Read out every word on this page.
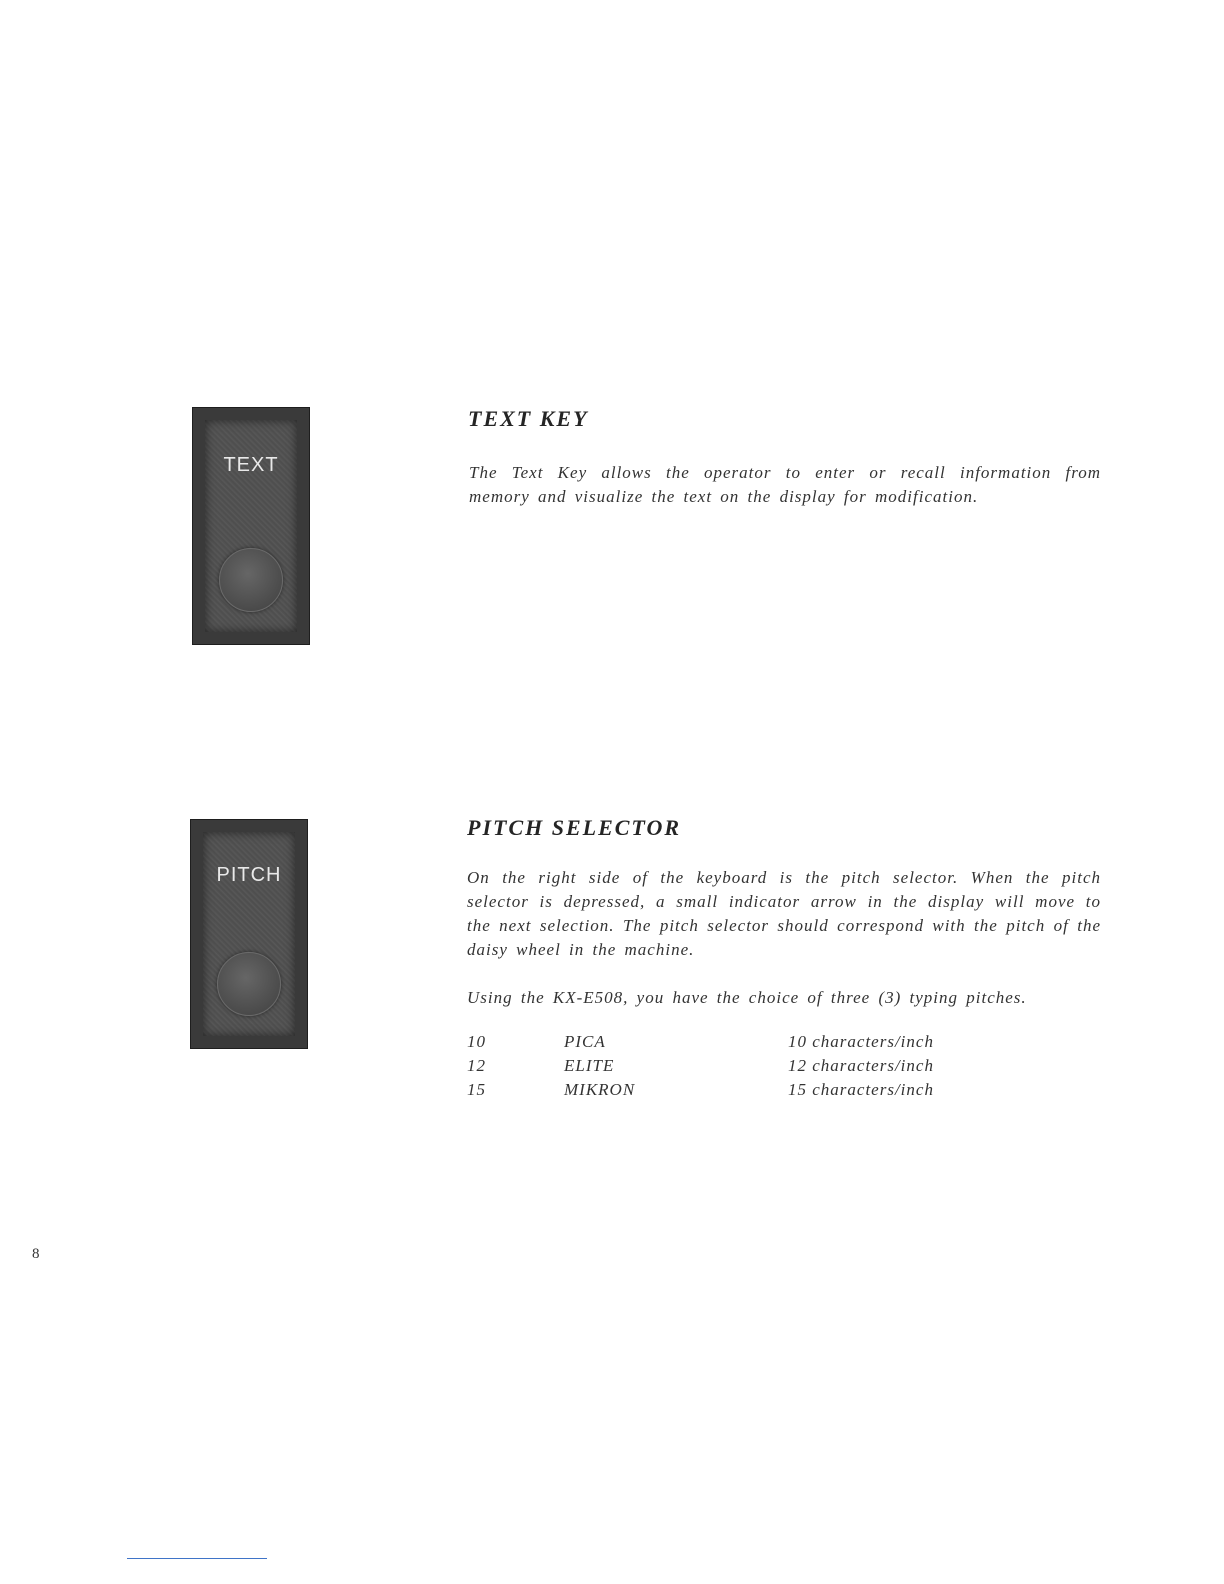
TEXT
TEXT KEY

The Text Key allows the operator to enter or recall information from memory and visualize the text on the display for modification.

PITCH
PITCH SELECTOR

On the right side of the keyboard is the pitch selector. When the pitch selector is depressed, a small indicator arrow in the display will move to the next selection. The pitch selector should correspond with the pitch of the daisy wheel in the machine.

Using the KX-E508, you have the choice of three (3) typing pitches.

10	PICA	10 characters/inch
12	ELITE	12 characters/inch
15	MIKRON	15 characters/inch
8
